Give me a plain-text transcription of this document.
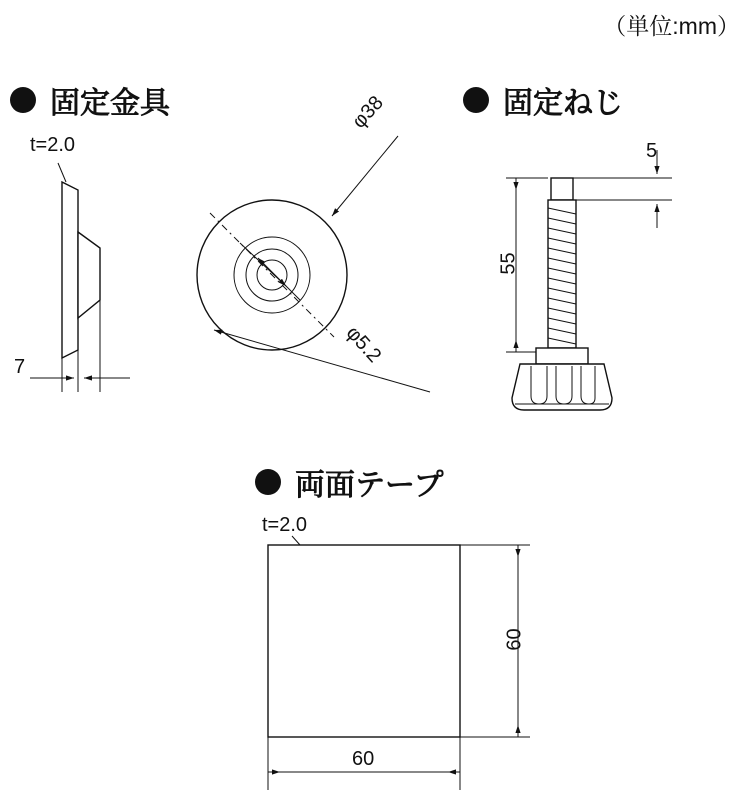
（単位:mm）
固定金具	固定ねじ
両面テープ
t=2.0
7
φ38
φ5.2
5
55
t=2.0
60
60
